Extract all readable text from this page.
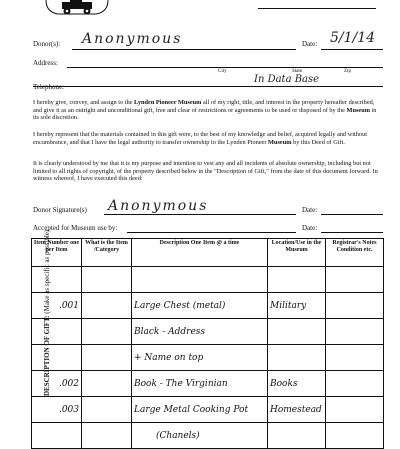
Donor(s): Anonymous	Date: 5/1/14
Address:
City	State	Zip
Telephone:
In Data Base
I hereby give, convey, and assign to the Lynden Pioneer Museum all of my right, title, and interest in the property hereafter described, and give it as an outright and unconditional gift, free and clear of restrictions or agreements to be used or disposed of by the Museum in its sole discretion.
I hereby represent that the materials contained in this gift were, to the best of my knowledge and belief, acquired legally and without encumbrance, and that I have the legal authority to transfer ownership to the Lynden Pioneer Museum by this Deed of Gift.
It is clearly understood by me that it is my purpose and intention to vest any and all incidents of absolute ownership, including but not limited to all rights of copyright, of the property described below in the "Description of Gift," from the date of this document forward. In witness whereof, I have executed this deed:
Donor Signature(s) Anonymous	Date:
Accepted for Museum use by:	Date:
DESCRIPTION OF GIFT: (Make as specific as possible)
Item Number one per Item	What is the Item /Category	Description One Item @ a time	Location/Use in the Museum	Registrar's Notes Condition etc.

.001		Large Chest (metal)	Military	
		Black - Address		
		+ Name on top		
.002		Book - The Virginian	Books	
.003		Large Metal Cooking Pot	Homestead	
		(Chanels)		
